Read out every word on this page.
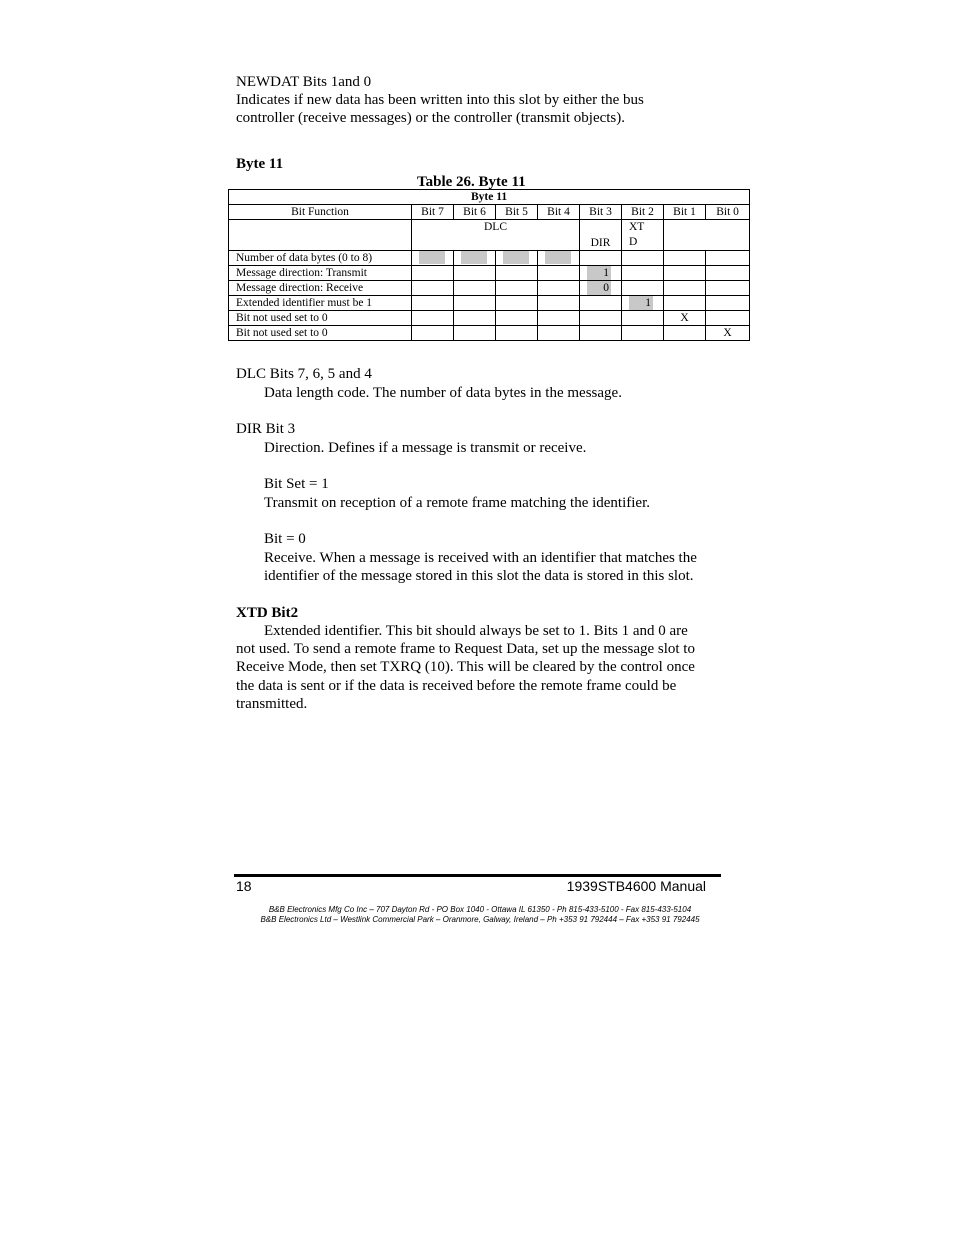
NEWDAT Bits 1and 0
Indicates if new data has been written into this slot by either the bus
controller (receive messages) or the controller (transmit objects).
Byte 11
Table 26. Byte 11
Byte 11								
Bit Function	Bit 7	Bit 6	Bit 5	Bit 4	Bit 3	Bit 2	Bit 1	Bit 0
	DLC				DIR	XT
D		
Number of data bytes (0 to 8)								
Message direction: Transmit					1			
Message direction: Receive					0			
Extended identifier must be 1						1		
Bit not used set to 0							X	
Bit not used set to 0								X
DLC Bits 7, 6, 5 and 4
Data length code. The number of data bytes in the message.
DIR Bit 3
Direction. Defines if a message is transmit or receive.
Bit Set = 1
Transmit on reception of a remote frame matching the identifier.
Bit = 0
Receive. When a message is received with an identifier that matches the
identifier of the message stored in this slot the data is stored in this slot.
XTD Bit2
Extended identifier. This bit should always be set to 1. Bits 1 and 0 are
not used. To send a remote frame to Request Data, set up the message slot to
Receive Mode, then set TXRQ (10). This will be cleared by the control once
the data is sent or if the data is received before the remote frame could be
transmitted.
18	1939STB4600 Manual
B&B Electronics Mfg Co Inc – 707 Dayton Rd - PO Box 1040 - Ottawa IL 61350 - Ph 815-433-5100 - Fax 815-433-5104
B&B Electronics Ltd – Westlink Commercial Park – Oranmore, Galway, Ireland – Ph +353 91 792444 – Fax +353 91 792445
